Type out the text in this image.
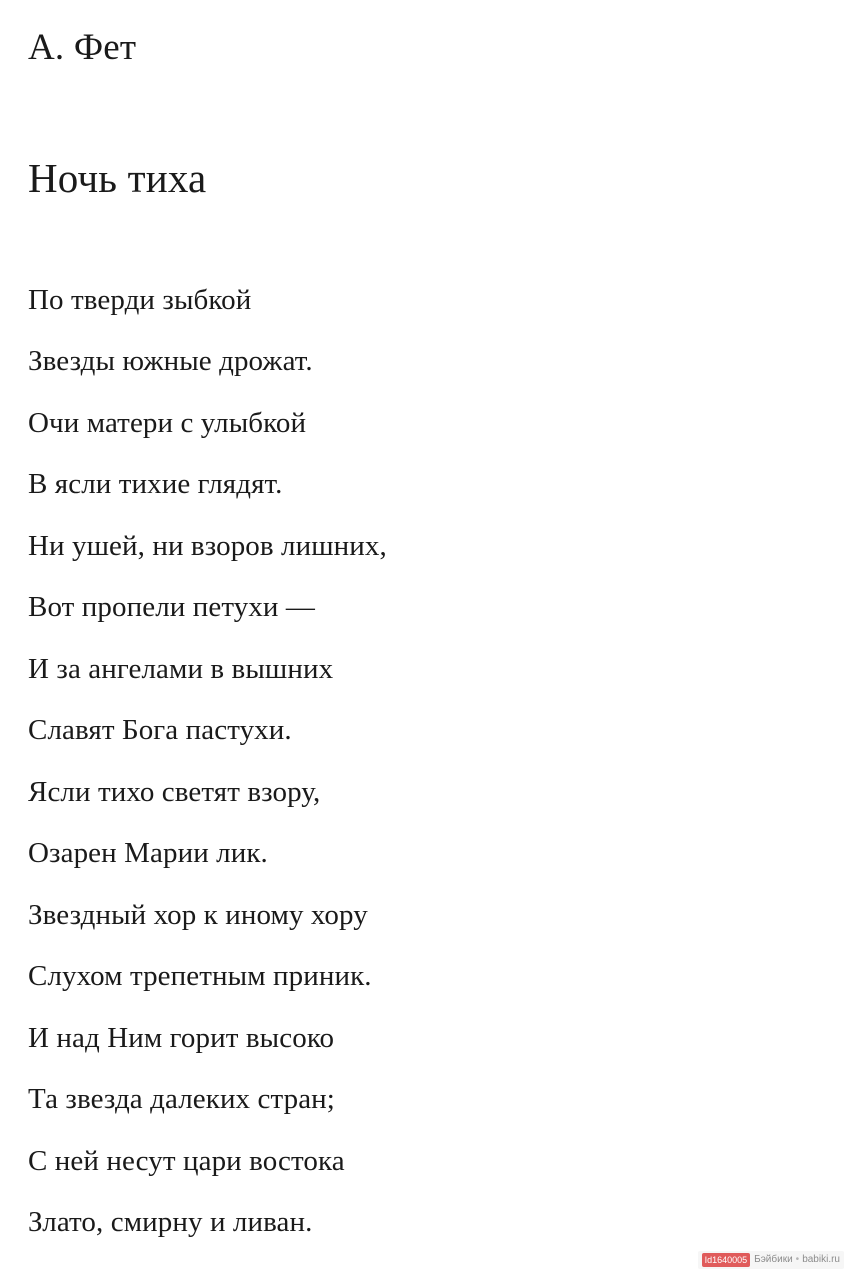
А. Фет
Ночь тиха
По тверди зыбкой
Звезды южные дрожат.
Очи матери с улыбкой
В ясли тихие глядят.
Ни ушей, ни взоров лишних,
Вот пропели петухи —
И за ангелами в вышних
Славят Бога пастухи.
Ясли тихо светят взору,
Озарен Марии лик.
Звездный хор к иному хору
Слухом трепетным приник.
И над Ним горит высоко
Та звезда далеких стран;
С ней несут цари востока
Злато, смирну и ливан.
Id1640005 Бэйбики • babiki.ru
